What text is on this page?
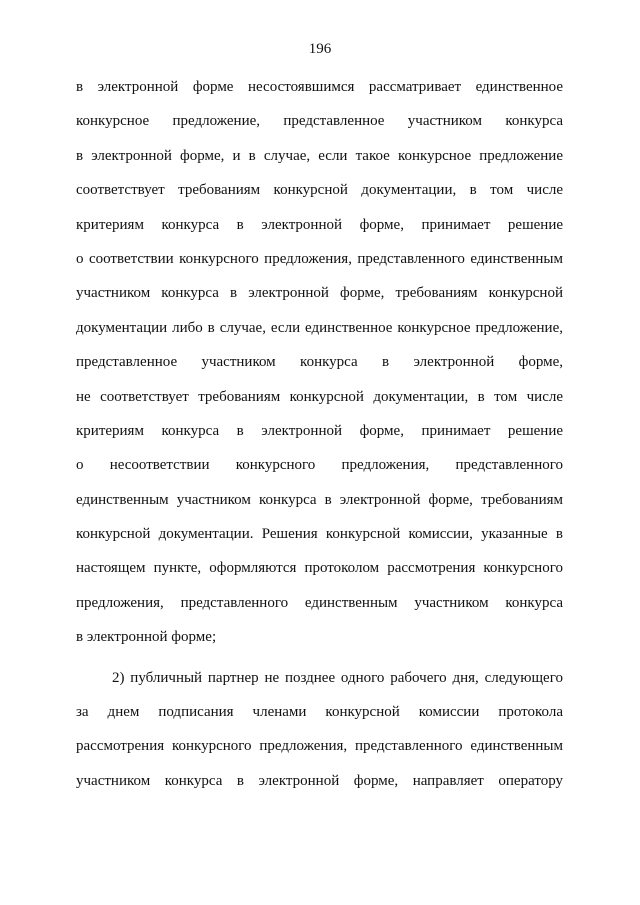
196
в электронной форме несостоявшимся рассматривает единственное
конкурсное предложение, представленное участником конкурса
в электронной форме, и в случае, если такое конкурсное предложение
соответствует требованиям конкурсной документации, в том числе
критериям конкурса в электронной форме, принимает решение
о соответствии конкурсного предложения, представленного единственным
участником конкурса в электронной форме, требованиям конкурсной
документации либо в случае, если единственное конкурсное предложение,
представленное участником конкурса в электронной форме,
не соответствует требованиям конкурсной документации, в том числе
критериям конкурса в электронной форме, принимает решение
о несоответствии конкурсного предложения, представленного
единственным участником конкурса в электронной форме, требованиям
конкурсной документации. Решения конкурсной комиссии, указанные в
настоящем пункте, оформляются протоколом рассмотрения конкурсного
предложения, представленного единственным участником конкурса
в электронной форме;
2) публичный партнер не позднее одного рабочего дня, следующего
за днем подписания членами конкурсной комиссии протокола
рассмотрения конкурсного предложения, представленного единственным
участником конкурса в электронной форме, направляет оператору
